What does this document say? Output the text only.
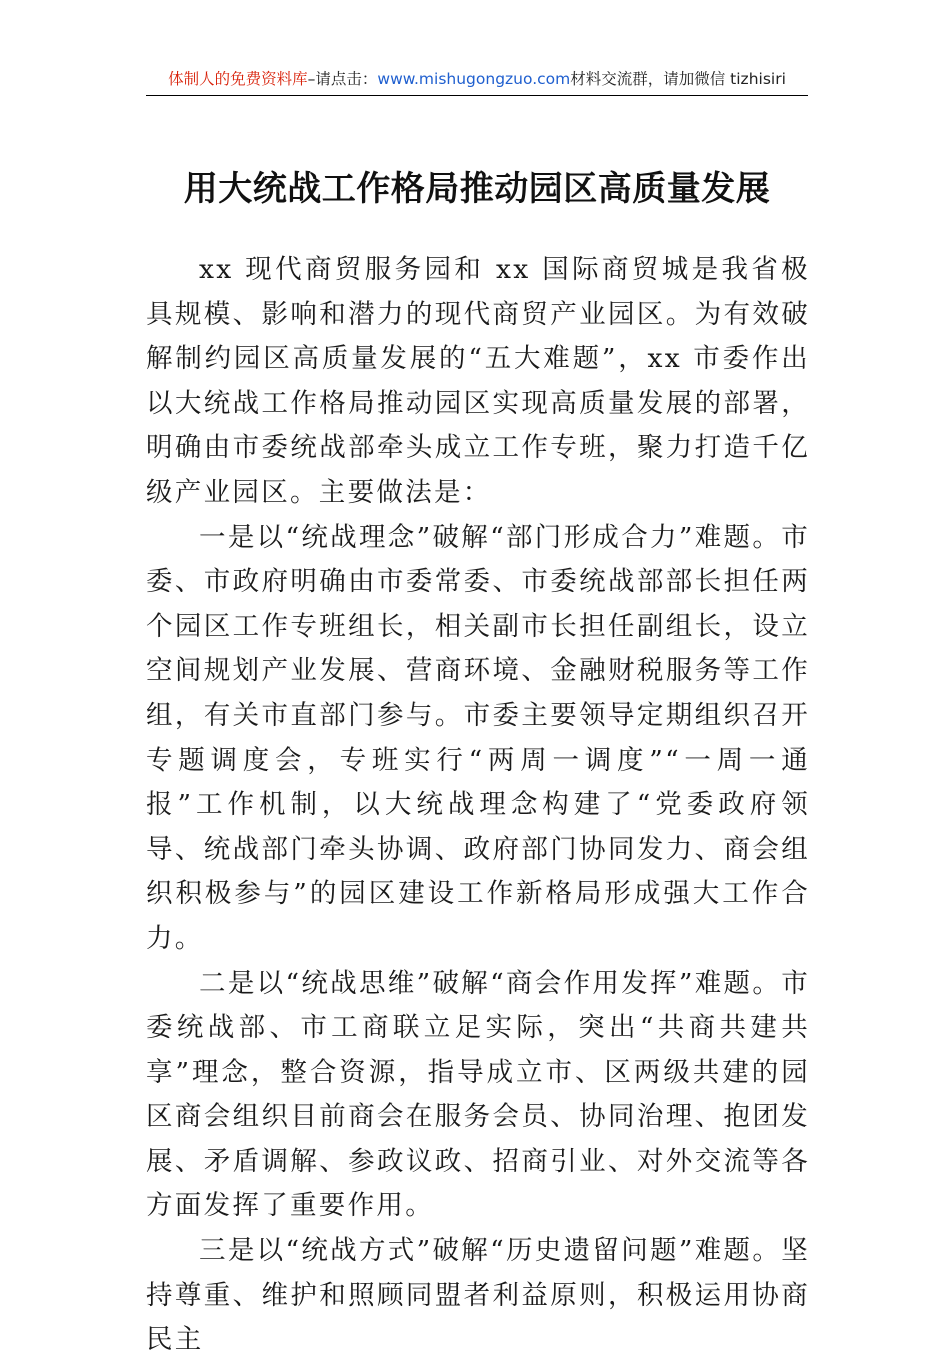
体制人的免费资料库–请点击：www.mishugongzuo.com材料交流群，请加微信 tizhisiri
用大统战工作格局推动园区高质量发展

xx 现代商贸服务园和 xx 国际商贸城是我省极具规模、影响和潜力的现代商贸产业园区。为有效破解制约园区高质量发展的“五大难题”，xx 市委作出以大统战工作格局推动园区实现高质量发展的部署，明确由市委统战部牵头成立工作专班，聚力打造千亿级产业园区。主要做法是：

一是以“统战理念”破解“部门形成合力”难题。市委、市政府明确由市委常委、市委统战部部长担任两个园区工作专班组长，相关副市长担任副组长，设立空间规划产业发展、营商环境、金融财税服务等工作组，有关市直部门参与。市委主要领导定期组织召开专题调度会，专班实行“两周一调度”“一周一通报”工作机制，以大统战理念构建了“党委政府领导、统战部门牵头协调、政府部门协同发力、商会组织积极参与”的园区建设工作新格局形成强大工作合力。

二是以“统战思维”破解“商会作用发挥”难题。市委统战部、市工商联立足实际，突出“共商共建共享”理念，整合资源，指导成立市、区两级共建的园区商会组织目前商会在服务会员、协同治理、抱团发展、矛盾调解、参政议政、招商引业、对外交流等各方面发挥了重要作用。

三是以“统战方式”破解“历史遗留问题”难题。坚持尊重、维护和照顾同盟者利益原则，积极运用协商民主
